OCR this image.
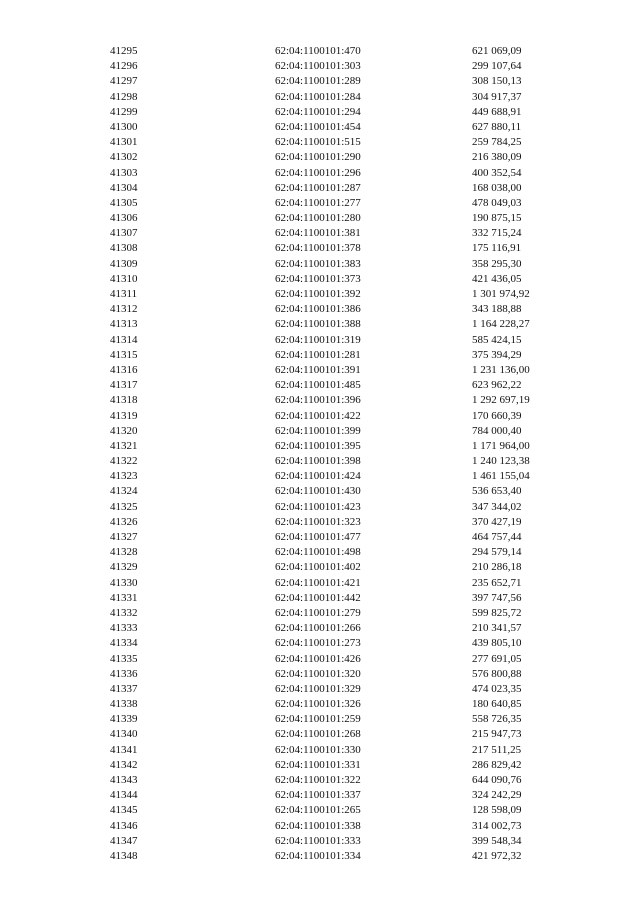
41295	62:04:1100101:470	621 069,09
41296	62:04:1100101:303	299 107,64
41297	62:04:1100101:289	308 150,13
41298	62:04:1100101:284	304 917,37
41299	62:04:1100101:294	449 688,91
41300	62:04:1100101:454	627 880,11
41301	62:04:1100101:515	259 784,25
41302	62:04:1100101:290	216 380,09
41303	62:04:1100101:296	400 352,54
41304	62:04:1100101:287	168 038,00
41305	62:04:1100101:277	478 049,03
41306	62:04:1100101:280	190 875,15
41307	62:04:1100101:381	332 715,24
41308	62:04:1100101:378	175 116,91
41309	62:04:1100101:383	358 295,30
41310	62:04:1100101:373	421 436,05
41311	62:04:1100101:392	1 301 974,92
41312	62:04:1100101:386	343 188,88
41313	62:04:1100101:388	1 164 228,27
41314	62:04:1100101:319	585 424,15
41315	62:04:1100101:281	375 394,29
41316	62:04:1100101:391	1 231 136,00
41317	62:04:1100101:485	623 962,22
41318	62:04:1100101:396	1 292 697,19
41319	62:04:1100101:422	170 660,39
41320	62:04:1100101:399	784 000,40
41321	62:04:1100101:395	1 171 964,00
41322	62:04:1100101:398	1 240 123,38
41323	62:04:1100101:424	1 461 155,04
41324	62:04:1100101:430	536 653,40
41325	62:04:1100101:423	347 344,02
41326	62:04:1100101:323	370 427,19
41327	62:04:1100101:477	464 757,44
41328	62:04:1100101:498	294 579,14
41329	62:04:1100101:402	210 286,18
41330	62:04:1100101:421	235 652,71
41331	62:04:1100101:442	397 747,56
41332	62:04:1100101:279	599 825,72
41333	62:04:1100101:266	210 341,57
41334	62:04:1100101:273	439 805,10
41335	62:04:1100101:426	277 691,05
41336	62:04:1100101:320	576 800,88
41337	62:04:1100101:329	474 023,35
41338	62:04:1100101:326	180 640,85
41339	62:04:1100101:259	558 726,35
41340	62:04:1100101:268	215 947,73
41341	62:04:1100101:330	217 511,25
41342	62:04:1100101:331	286 829,42
41343	62:04:1100101:322	644 090,76
41344	62:04:1100101:337	324 242,29
41345	62:04:1100101:265	128 598,09
41346	62:04:1100101:338	314 002,73
41347	62:04:1100101:333	399 548,34
41348	62:04:1100101:334	421 972,32
